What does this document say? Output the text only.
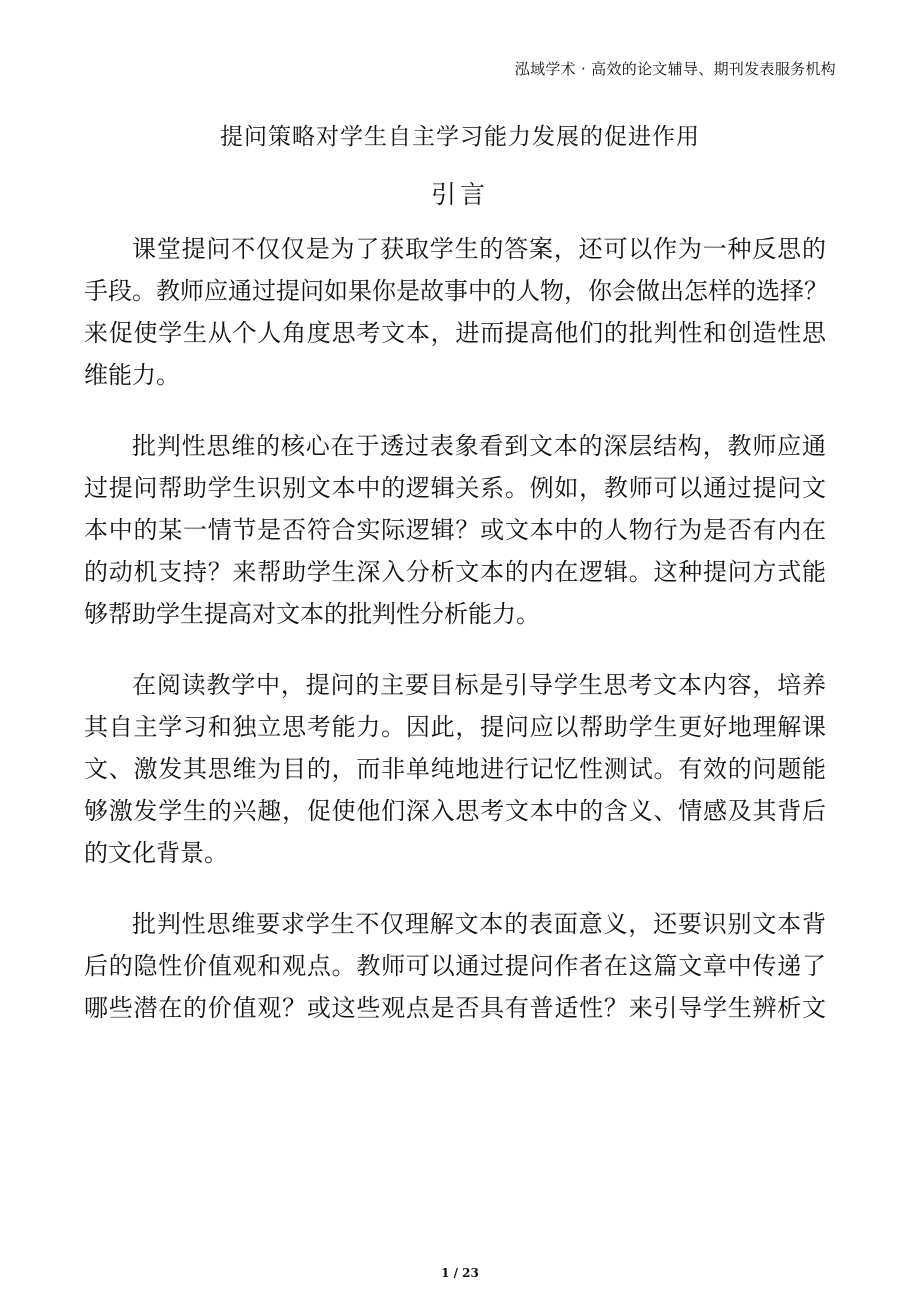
泓域学术 · 高效的论文辅导、期刊发表服务机构
提问策略对学生自主学习能力发展的促进作用
引言
课堂提问不仅仅是为了获取学生的答案，还可以作为一种反思的
手段。教师应通过提问如果你是故事中的人物，你会做出怎样的选择？
来促使学生从个人角度思考文本，进而提高他们的批判性和创造性思
维能力。
批判性思维的核心在于透过表象看到文本的深层结构，教师应通
过提问帮助学生识别文本中的逻辑关系。例如，教师可以通过提问文
本中的某一情节是否符合实际逻辑？或文本中的人物行为是否有内在
的动机支持？来帮助学生深入分析文本的内在逻辑。这种提问方式能
够帮助学生提高对文本的批判性分析能力。
在阅读教学中，提问的主要目标是引导学生思考文本内容，培养
其自主学习和独立思考能力。因此，提问应以帮助学生更好地理解课
文、激发其思维为目的，而非单纯地进行记忆性测试。有效的问题能
够激发学生的兴趣，促使他们深入思考文本中的含义、情感及其背后
的文化背景。
批判性思维要求学生不仅理解文本的表面意义，还要识别文本背
后的隐性价值观和观点。教师可以通过提问作者在这篇文章中传递了
哪些潜在的价值观？或这些观点是否具有普适性？来引导学生辨析文
1 / 23
